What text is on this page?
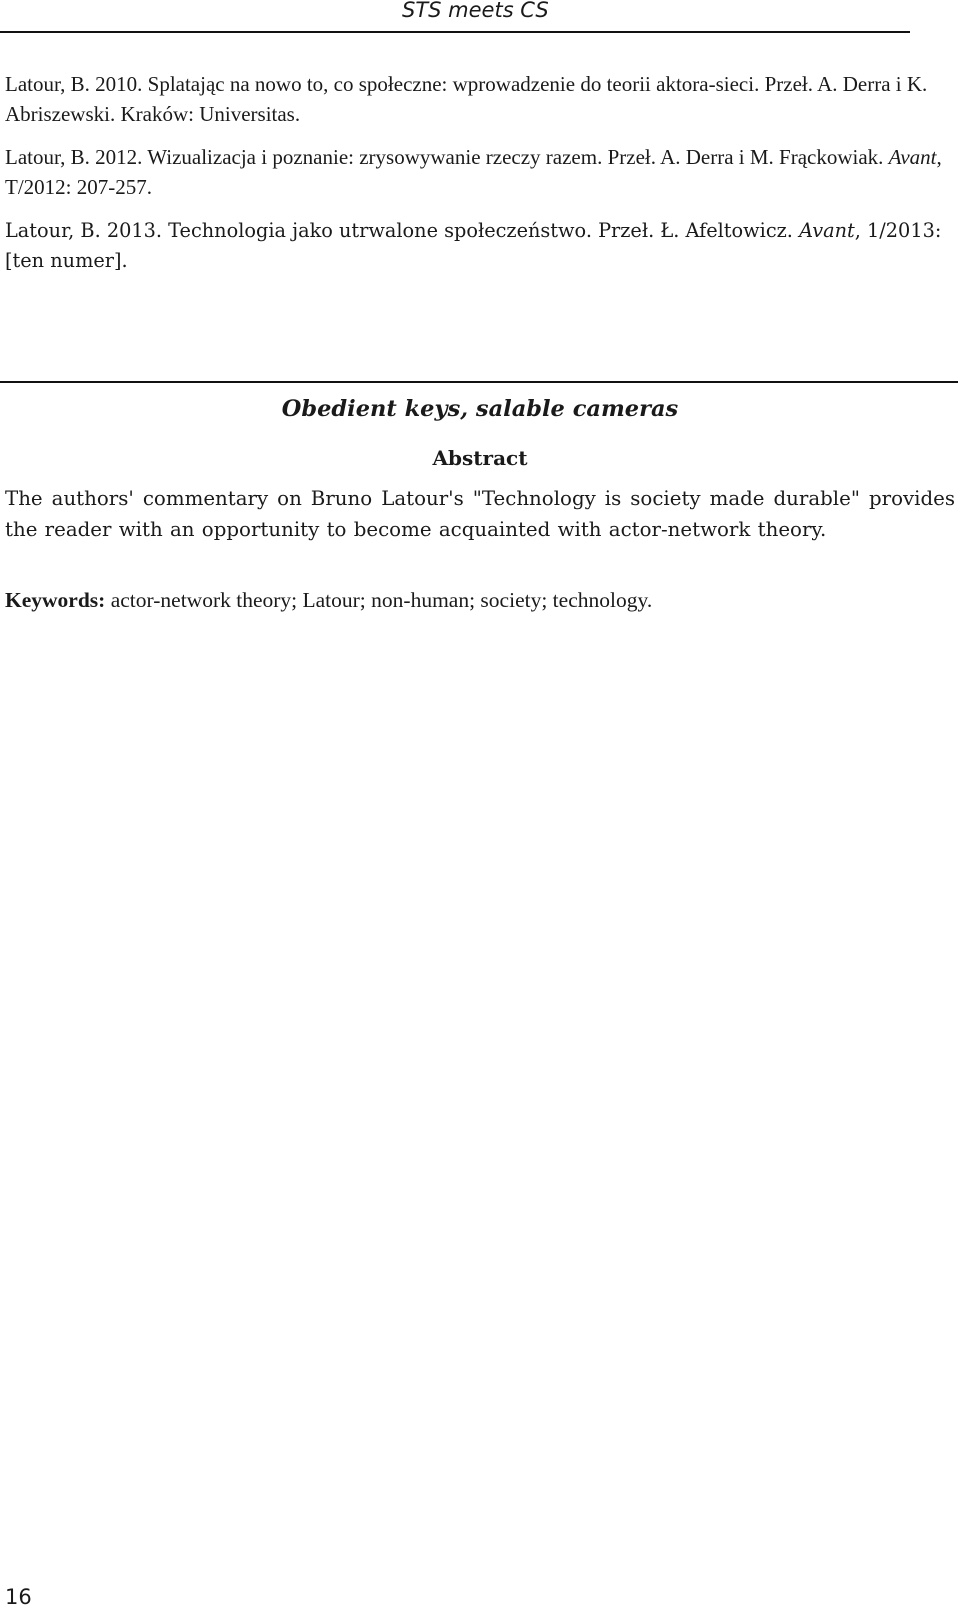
STS meets CS

Latour, B. 2010. Splatając na nowo to, co społeczne: wprowadzenie do teorii aktora-sieci. Przeł. A. Derra i K. Abriszewski. Kraków: Universitas.

Latour, B. 2012. Wizualizacja i poznanie: zrysowywanie rzeczy razem. Przeł. A. Derra i M. Frąckowiak. Avant, T/2012: 207-257.

Latour, B. 2013. Technologia jako utrwalone społeczeństwo. Przeł. Ł. Afeltowicz. Avant, 1/2013: [ten numer].

Obedient keys, salable cameras
Abstract
The authors' commentary on Bruno Latour's "Technology is society made durable" provides the reader with an opportunity to become acquainted with actor-network theory.
Keywords: actor-network theory; Latour; non-human; society; technology.
16
